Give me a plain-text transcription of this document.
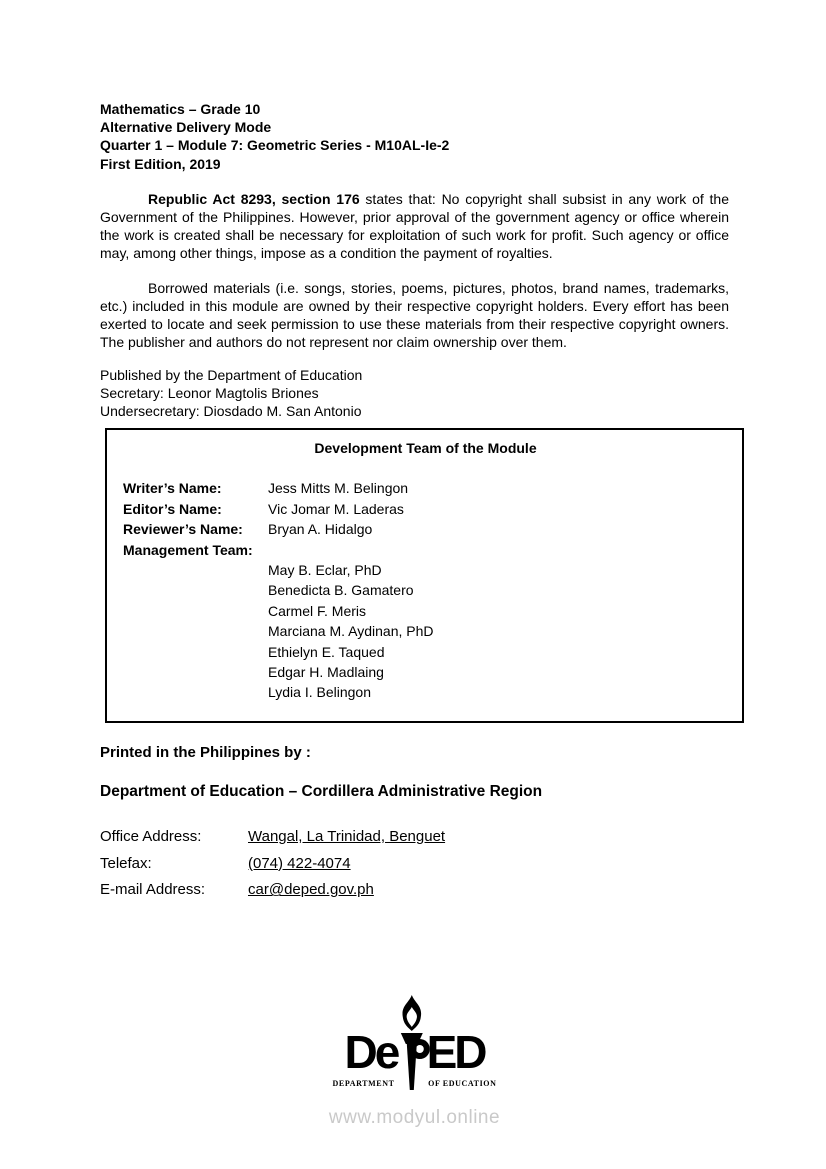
Mathematics – Grade 10
Alternative Delivery Mode
Quarter 1 – Module 7: Geometric Series - M10AL-Ie-2
First Edition, 2019

Republic Act 8293, section 176 states that: No copyright shall subsist in any work of the Government of the Philippines. However, prior approval of the government agency or office wherein the work is created shall be necessary for exploitation of such work for profit. Such agency or office may, among other things, impose as a condition the payment of royalties.

Borrowed materials (i.e. songs, stories, poems, pictures, photos, brand names, trademarks, etc.) included in this module are owned by their respective copyright holders. Every effort has been exerted to locate and seek permission to use these materials from their respective copyright owners. The publisher and authors do not represent nor claim ownership over them.

Published by the Department of Education
Secretary: Leonor Magtolis Briones
Undersecretary: Diosdado M. San Antonio
Development Team of the Module
Writer’s Name:	Jess Mitts M. Belingon
Editor’s Name:	Vic Jomar M. Laderas
Reviewer’s Name:	Bryan A. Hidalgo
Management Team:
May B. Eclar, PhD
Benedicta B. Gamatero
Carmel F. Meris
Marciana M. Aydinan, PhD
Ethielyn E. Taqued
Edgar H. Madlaing
Lydia I. Belingon
Printed in the Philippines by :
Department of Education – Cordillera Administrative Region
Office Address:	Wangal, La Trinidad, Benguet
Telefax:	(074) 422-4074
E-mail Address:	car@deped.gov.ph
De ED
DEPARTMENT	OF EDUCATION
www.modyul.online
